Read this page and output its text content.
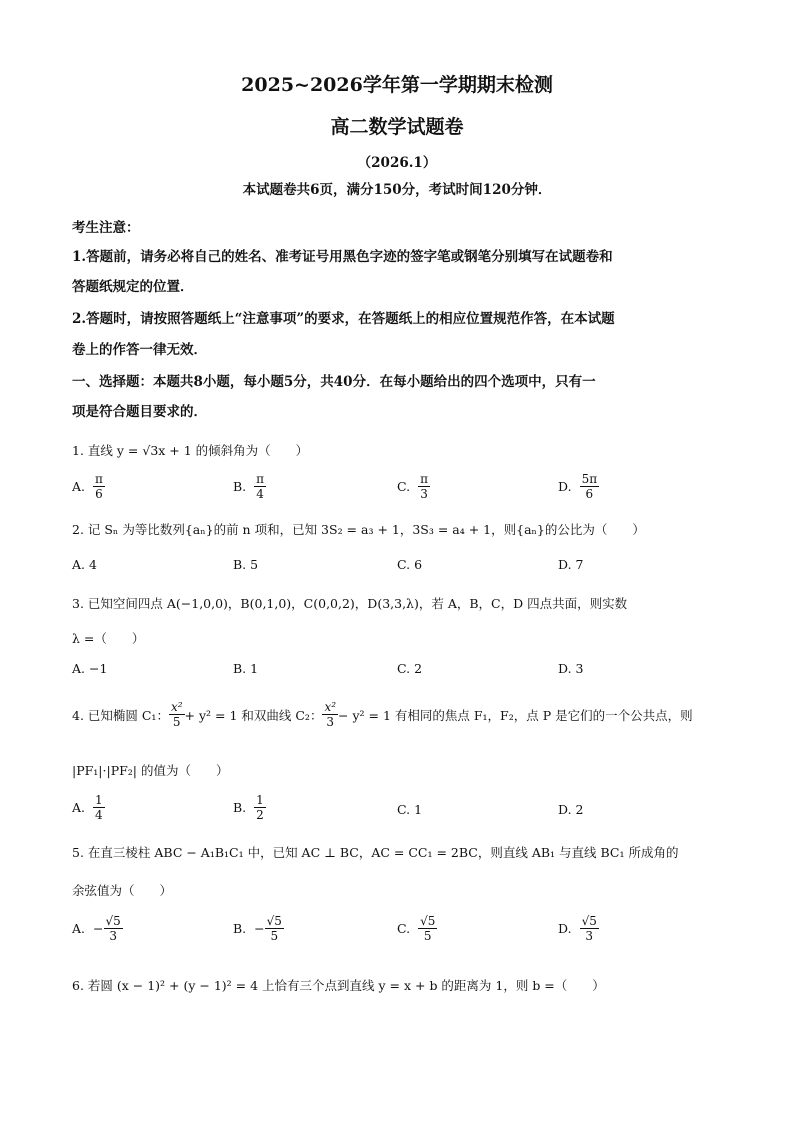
2025~2026学年第一学期期末检测
高二数学试题卷
（2026.1）
本试题卷共6页，满分150分，考试时间120分钟．
考生注意：
1.答题前，请务必将自己的姓名、准考证号用黑色字迹的签字笔或钢笔分别填写在试题卷和
答题纸规定的位置．
2.答题时，请按照答题纸上“注意事项”的要求，在答题纸上的相应位置规范作答，在本试题
卷上的作答一律无效．
一、选择题：本题共8小题，每小题5分，共40分．在每小题给出的四个选项中，只有一
项是符合题目要求的．
1. 直线 y = √3x + 1 的倾斜角为（　　）
A. $\frac{\pi}{6}$	B. $\frac{\pi}{4}$	C. $\frac{\pi}{3}$	D. $\frac{5\pi}{6}$
2. 记 Sₙ 为等比数列{aₙ}的前 n 项和，已知 3S₂ = a₃ + 1，3S₃ = a₄ + 1，则{aₙ}的公比为（　　）
A. 4	B. 5	C. 6	D. 7
3. 已知空间四点 A(−1,0,0)，B(0,1,0)，C(0,0,2)，D(3,3,λ)，若 A，B，C，D 四点共面，则实数
λ =（　　）
A. −1	B. 1	C. 2	D. 3
4. 已知椭圆 C₁： $\frac{\text{x²}}{5} + y^2 = 1$ 和双曲线 C₂： $\frac{\text{x²}}{3} - y^2 = 1$ 有相同的焦点 F₁，F₂，点 P 是它们的一个公共点，则
|PF₁|·|PF₂| 的值为（　　）
A. $\frac{1}{4}$	B. $\frac{1}{2}$	C. 1	D. 2
5. 在直三棱柱 ABC − A₁B₁C₁ 中，已知 AC ⊥ BC，AC = CC₁ = 2BC，则直线 AB₁ 与直线 BC₁ 所成角的
余弦值为（　　）
A. − $\frac{√5}{3}$	B. − $\frac{√5}{5}$	C. $\frac{√5}{5}$	D. $\frac{√5}{3}$
6. 若圆 (x − 1)² + (y − 1)² = 4 上恰有三个点到直线 y = x + b 的距离为 1，则 b =（　　）
